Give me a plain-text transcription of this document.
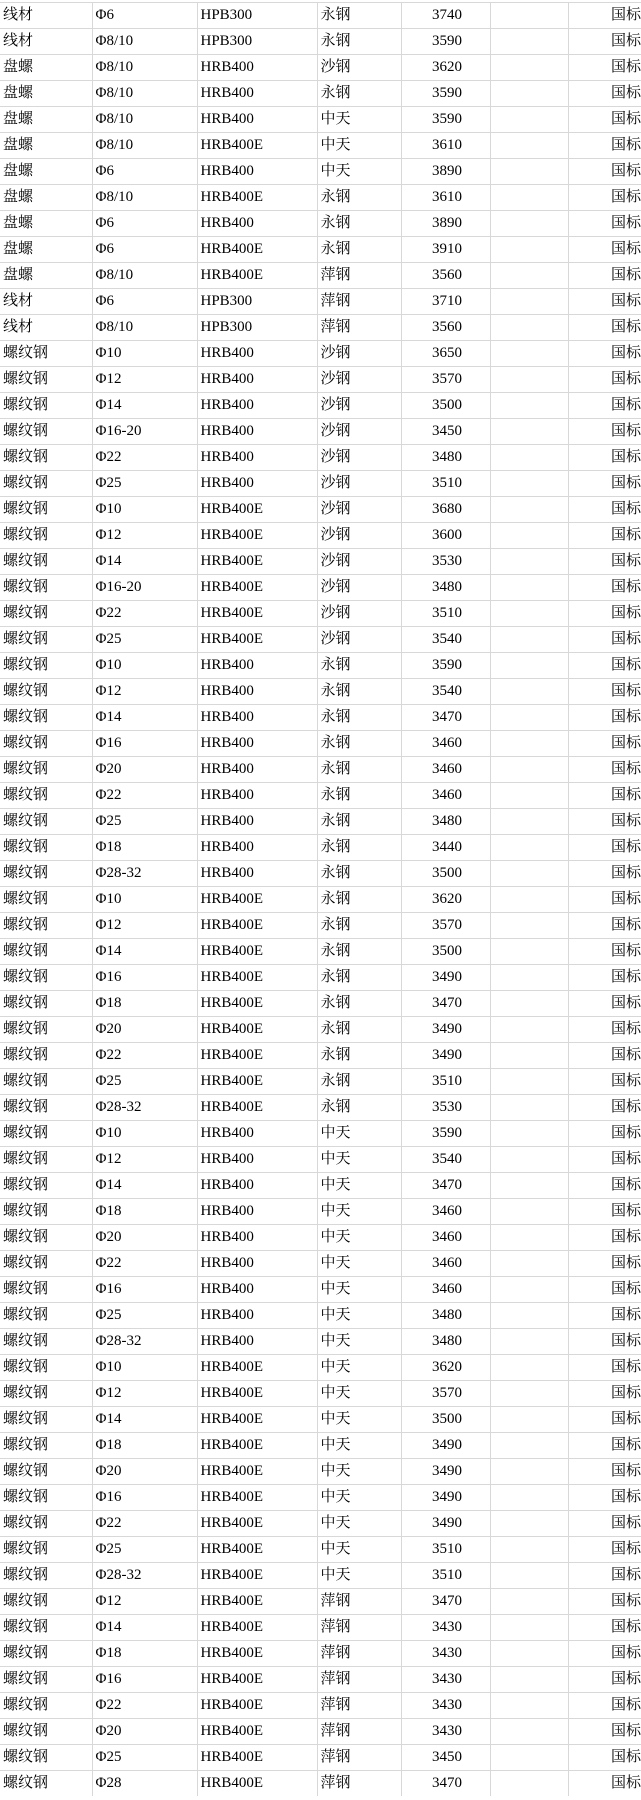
线材	Φ6	HPB300	永钢	3740		国标
线材	Φ8/10	HPB300	永钢	3590		国标
盘螺	Φ8/10	HRB400	沙钢	3620		国标
盘螺	Φ8/10	HRB400	永钢	3590		国标
盘螺	Φ8/10	HRB400	中天	3590		国标
盘螺	Φ8/10	HRB400E	中天	3610		国标
盘螺	Φ6	HRB400	中天	3890		国标
盘螺	Φ8/10	HRB400E	永钢	3610		国标
盘螺	Φ6	HRB400	永钢	3890		国标
盘螺	Φ6	HRB400E	永钢	3910		国标
盘螺	Φ8/10	HRB400E	萍钢	3560		国标
线材	Φ6	HPB300	萍钢	3710		国标
线材	Φ8/10	HPB300	萍钢	3560		国标
螺纹钢	Φ10	HRB400	沙钢	3650		国标
螺纹钢	Φ12	HRB400	沙钢	3570		国标
螺纹钢	Φ14	HRB400	沙钢	3500		国标
螺纹钢	Φ16-20	HRB400	沙钢	3450		国标
螺纹钢	Φ22	HRB400	沙钢	3480		国标
螺纹钢	Φ25	HRB400	沙钢	3510		国标
螺纹钢	Φ10	HRB400E	沙钢	3680		国标
螺纹钢	Φ12	HRB400E	沙钢	3600		国标
螺纹钢	Φ14	HRB400E	沙钢	3530		国标
螺纹钢	Φ16-20	HRB400E	沙钢	3480		国标
螺纹钢	Φ22	HRB400E	沙钢	3510		国标
螺纹钢	Φ25	HRB400E	沙钢	3540		国标
螺纹钢	Φ10	HRB400	永钢	3590		国标
螺纹钢	Φ12	HRB400	永钢	3540		国标
螺纹钢	Φ14	HRB400	永钢	3470		国标
螺纹钢	Φ16	HRB400	永钢	3460		国标
螺纹钢	Φ20	HRB400	永钢	3460		国标
螺纹钢	Φ22	HRB400	永钢	3460		国标
螺纹钢	Φ25	HRB400	永钢	3480		国标
螺纹钢	Φ18	HRB400	永钢	3440		国标
螺纹钢	Φ28-32	HRB400	永钢	3500		国标
螺纹钢	Φ10	HRB400E	永钢	3620		国标
螺纹钢	Φ12	HRB400E	永钢	3570		国标
螺纹钢	Φ14	HRB400E	永钢	3500		国标
螺纹钢	Φ16	HRB400E	永钢	3490		国标
螺纹钢	Φ18	HRB400E	永钢	3470		国标
螺纹钢	Φ20	HRB400E	永钢	3490		国标
螺纹钢	Φ22	HRB400E	永钢	3490		国标
螺纹钢	Φ25	HRB400E	永钢	3510		国标
螺纹钢	Φ28-32	HRB400E	永钢	3530		国标
螺纹钢	Φ10	HRB400	中天	3590		国标
螺纹钢	Φ12	HRB400	中天	3540		国标
螺纹钢	Φ14	HRB400	中天	3470		国标
螺纹钢	Φ18	HRB400	中天	3460		国标
螺纹钢	Φ20	HRB400	中天	3460		国标
螺纹钢	Φ22	HRB400	中天	3460		国标
螺纹钢	Φ16	HRB400	中天	3460		国标
螺纹钢	Φ25	HRB400	中天	3480		国标
螺纹钢	Φ28-32	HRB400	中天	3480		国标
螺纹钢	Φ10	HRB400E	中天	3620		国标
螺纹钢	Φ12	HRB400E	中天	3570		国标
螺纹钢	Φ14	HRB400E	中天	3500		国标
螺纹钢	Φ18	HRB400E	中天	3490		国标
螺纹钢	Φ20	HRB400E	中天	3490		国标
螺纹钢	Φ16	HRB400E	中天	3490		国标
螺纹钢	Φ22	HRB400E	中天	3490		国标
螺纹钢	Φ25	HRB400E	中天	3510		国标
螺纹钢	Φ28-32	HRB400E	中天	3510		国标
螺纹钢	Φ12	HRB400E	萍钢	3470		国标
螺纹钢	Φ14	HRB400E	萍钢	3430		国标
螺纹钢	Φ18	HRB400E	萍钢	3430		国标
螺纹钢	Φ16	HRB400E	萍钢	3430		国标
螺纹钢	Φ22	HRB400E	萍钢	3430		国标
螺纹钢	Φ20	HRB400E	萍钢	3430		国标
螺纹钢	Φ25	HRB400E	萍钢	3450		国标
螺纹钢	Φ28	HRB400E	萍钢	3470		国标
